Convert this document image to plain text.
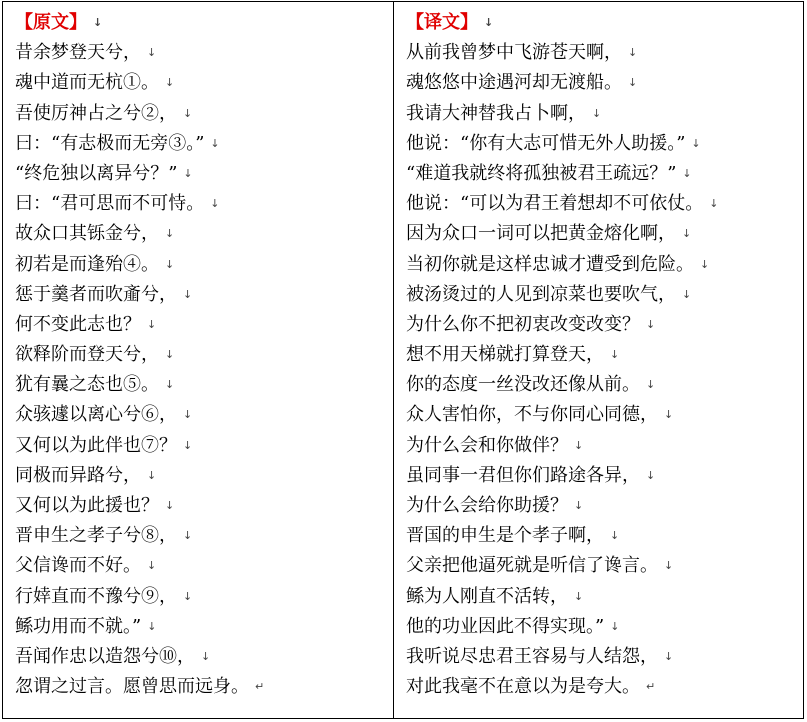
【原文】 ↓
昔余梦登天兮， ↓
魂中道而无杭①。 ↓
吾使厉神占之兮②， ↓
曰：“有志极而无旁③。” ↓
“终危独以离异兮？” ↓
曰：“君可思而不可恃。 ↓
故众口其铄金兮， ↓
初若是而逢殆④。 ↓
惩于羹者而吹齑兮， ↓
何不变此志也？ ↓
欲释阶而登天兮， ↓
犹有曩之态也⑤。 ↓
众骇遽以离心兮⑥， ↓
又何以为此伴也⑦？ ↓
同极而异路兮， ↓
又何以为此援也？ ↓
晋申生之孝子兮⑧， ↓
父信谗而不好。 ↓
行婞直而不豫兮⑨， ↓
鲧功用而不就。” ↓
吾闻作忠以造怨兮⑩， ↓
忽谓之过言。愿曾思而远身。 ↵
【译文】 ↓
从前我曾梦中飞游苍天啊， ↓
魂悠悠中途遇河却无渡船。 ↓
我请大神替我占卜啊， ↓
他说：“你有大志可惜无外人助援。” ↓
“难道我就终将孤独被君王疏远？” ↓
他说：“可以为君王着想却不可依仗。 ↓
因为众口一词可以把黄金熔化啊， ↓
当初你就是这样忠诚才遭受到危险。 ↓
被汤烫过的人见到凉菜也要吹气， ↓
为什么你不把初衷改变改变？ ↓
想不用天梯就打算登天， ↓
你的态度一丝没改还像从前。 ↓
众人害怕你，不与你同心同德， ↓
为什么会和你做伴？ ↓
虽同事一君但你们路途各异， ↓
为什么会给你助援？ ↓
晋国的申生是个孝子啊， ↓
父亲把他逼死就是听信了谗言。 ↓
鲧为人刚直不活转， ↓
他的功业因此不得实现。” ↓
我听说尽忠君王容易与人结怨， ↓
对此我毫不在意以为是夸大。 ↵
